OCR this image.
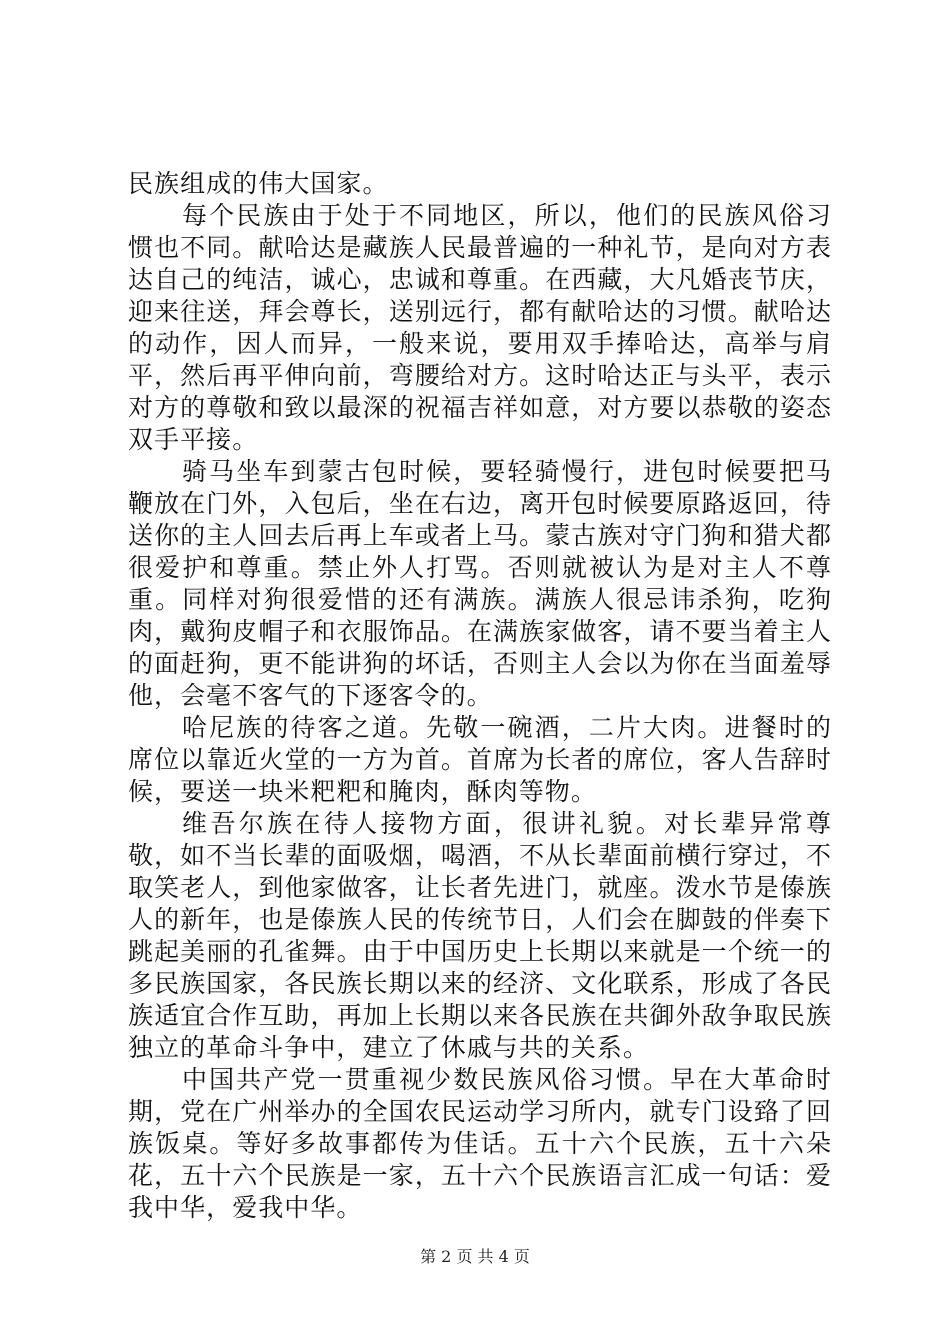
民族组成的伟大国家。

每个民族由于处于不同地区，所以，他们的民族风俗习惯也不同。献哈达是藏族人民最普遍的一种礼节，是向对方表达自己的纯洁，诚心，忠诚和尊重。在西藏，大凡婚丧节庆，迎来往送，拜会尊长，送别远行，都有献哈达的习惯。献哈达的动作，因人而异，一般来说，要用双手捧哈达，高举与肩平，然后再平伸向前，弯腰给对方。这时哈达正与头平，表示对方的尊敬和致以最深的祝福吉祥如意，对方要以恭敬的姿态双手平接。

骑马坐车到蒙古包时候，要轻骑慢行，进包时候要把马鞭放在门外，入包后，坐在右边，离开包时候要原路返回，待送你的主人回去后再上车或者上马。蒙古族对守门狗和猎犬都很爱护和尊重。禁止外人打骂。否则就被认为是对主人不尊重。同样对狗很爱惜的还有满族。满族人很忌讳杀狗，吃狗肉，戴狗皮帽子和衣服饰品。在满族家做客，请不要当着主人的面赶狗，更不能讲狗的坏话，否则主人会以为你在当面羞辱他，会毫不客气的下逐客令的。

哈尼族的待客之道。先敬一碗酒，二片大肉。进餐时的席位以靠近火堂的一方为首。首席为长者的席位，客人告辞时候，要送一块米粑粑和腌肉，酥肉等物。

维吾尔族在待人接物方面，很讲礼貌。对长辈异常尊敬，如不当长辈的面吸烟，喝酒，不从长辈面前横行穿过，不取笑老人，到他家做客，让长者先进门，就座。泼水节是傣族人的新年，也是傣族人民的传统节日，人们会在脚鼓的伴奏下跳起美丽的孔雀舞。由于中国历史上长期以来就是一个统一的多民族国家，各民族长期以来的经济、文化联系，形成了各民族适宜合作互助，再加上长期以来各民族在共御外敌争取民族独立的革命斗争中，建立了休戚与共的关系。

中国共产党一贯重视少数民族风俗习惯。早在大革命时期，党在广州举办的全国农民运动学习所内，就专门设臵了回族饭桌。等好多故事都传为佳话。五十六个民族，五十六朵花，五十六个民族是一家，五十六个民族语言汇成一句话：爱我中华，爱我中华。

第 2 页 共 4 页
